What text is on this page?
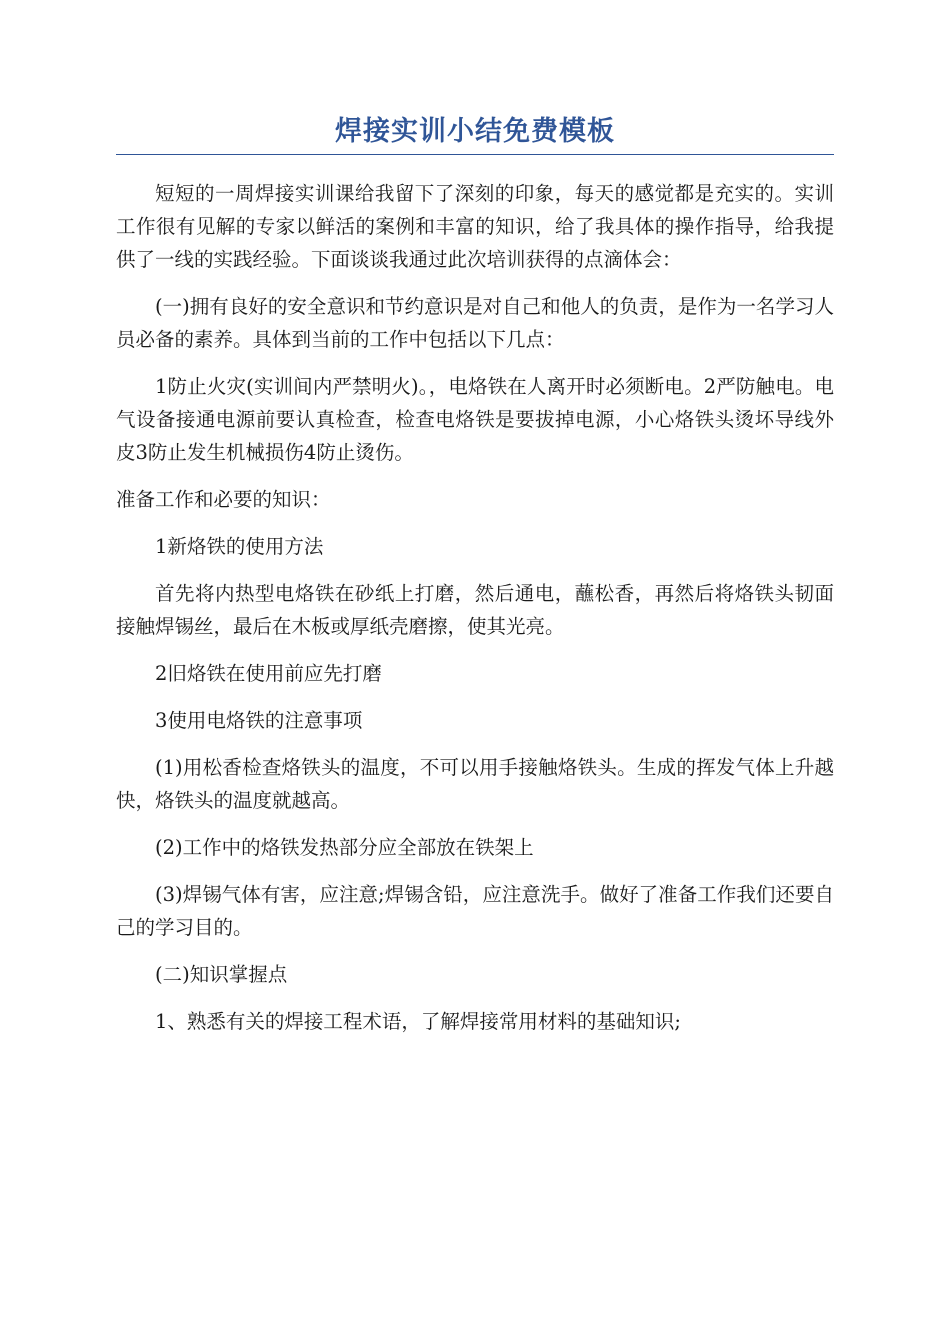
焊接实训小结免费模板

短短的一周焊接实训课给我留下了深刻的印象，每天的感觉都是充实的。实训工作很有见解的专家以鲜活的案例和丰富的知识，给了我具体的操作指导，给我提供了一线的实践经验。下面谈谈我通过此次培训获得的点滴体会：

(一)拥有良好的安全意识和节约意识是对自己和他人的负责，是作为一名学习人员必备的素养。具体到当前的工作中包括以下几点：

1防止火灾(实训间内严禁明火)。，电烙铁在人离开时必须断电。2严防触电。电气设备接通电源前要认真检查，检查电烙铁是要拔掉电源，小心烙铁头烫坏导线外皮3防止发生机械损伤4防止烫伤。

准备工作和必要的知识：

1新烙铁的使用方法

首先将内热型电烙铁在砂纸上打磨，然后通电，蘸松香，再然后将烙铁头韧面接触焊锡丝，最后在木板或厚纸壳磨擦，使其光亮。

2旧烙铁在使用前应先打磨

3使用电烙铁的注意事项

(1)用松香检查烙铁头的温度，不可以用手接触烙铁头。生成的挥发气体上升越快，烙铁头的温度就越高。

(2)工作中的烙铁发热部分应全部放在铁架上

(3)焊锡气体有害，应注意;焊锡含铅，应注意洗手。做好了准备工作我们还要自己的学习目的。

(二)知识掌握点

1、熟悉有关的焊接工程术语，了解焊接常用材料的基础知识;
